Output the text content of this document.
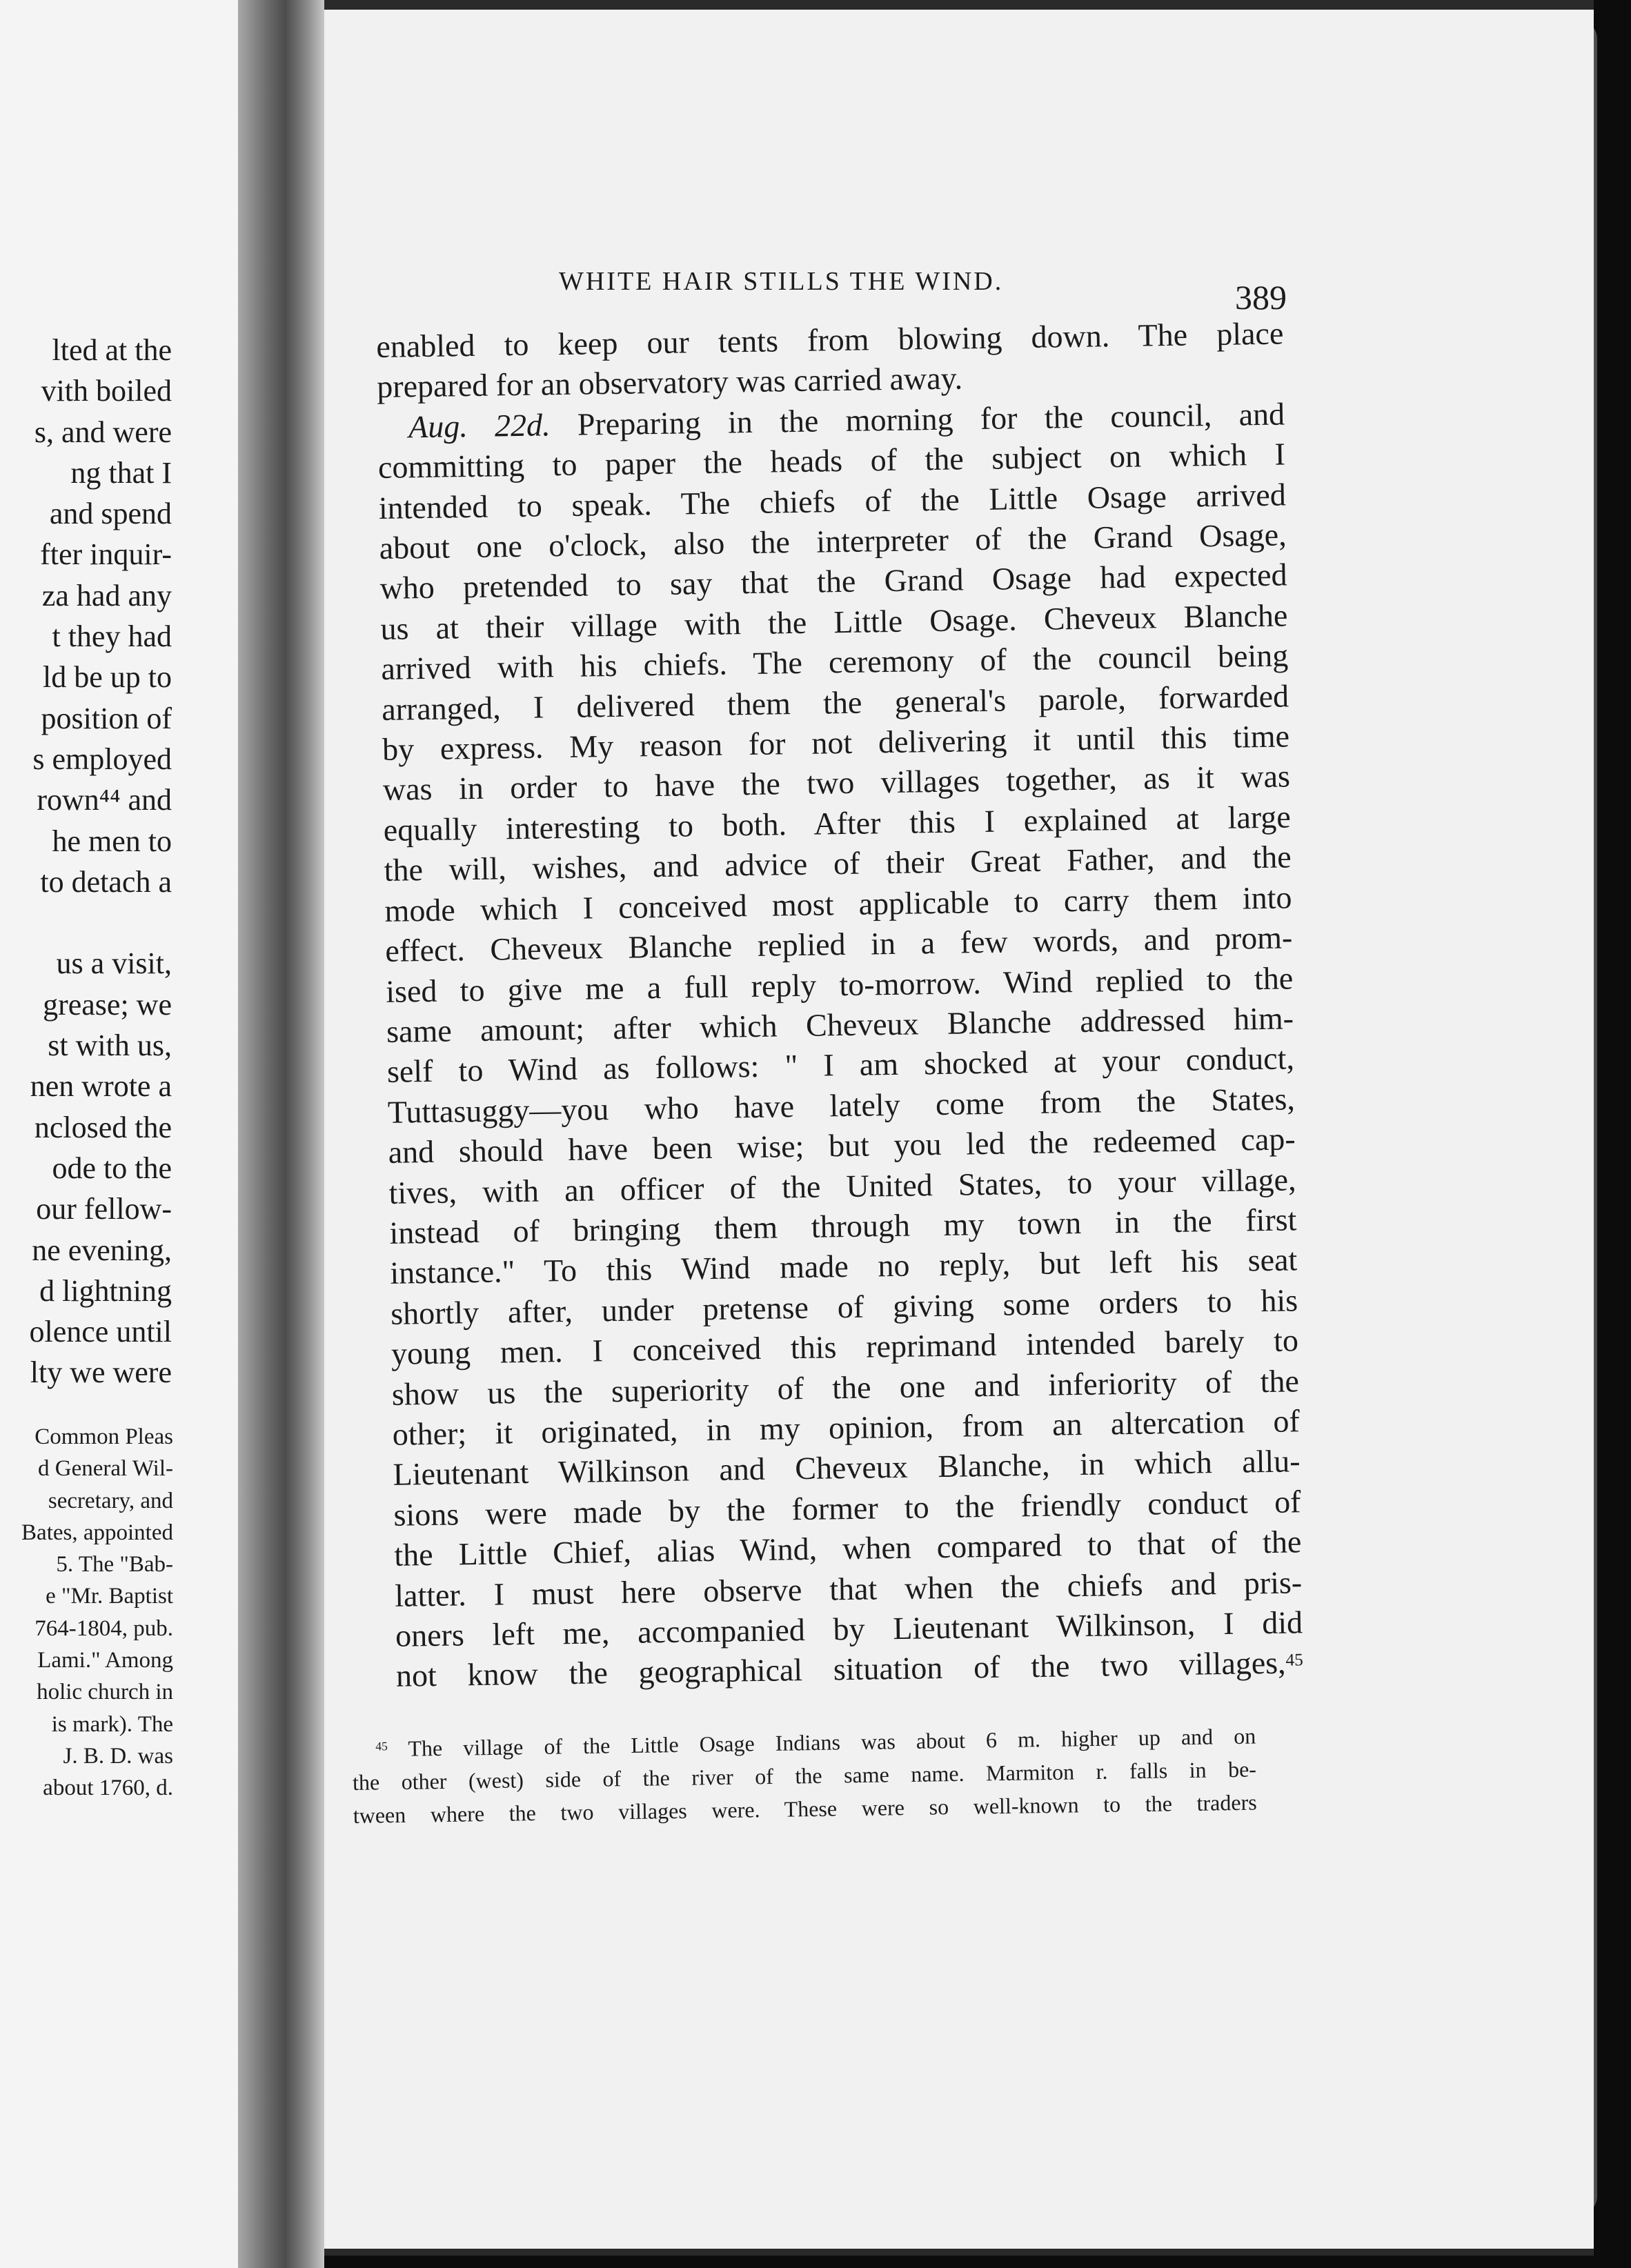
lted at the
vith boiled
s, and were
ng that I
and spend
fter inquir-
za had any
t they had
ld be up to
position of
s employed
rown⁴⁴ and
he men to
to detach a

us a visit,
grease; we
st with us,
nen wrote a
nclosed the
ode to the
our fellow-
ne evening,
d lightning
olence until
lty we were
Common Pleas
d General Wil-
secretary, and
Bates, appointed
5. The "Bab-
e "Mr. Baptist
764-1804, pub.
Lami." Among
holic church in
is mark). The
J. B. D. was
about 1760, d.
WHITE HAIR STILLS THE WIND.	389
enabled to keep our tents from blowing down. The place
prepared for an observatory was carried away.
Aug. 22d. Preparing in the morning for the council, and
committing to paper the heads of the subject on which I
intended to speak. The chiefs of the Little Osage arrived
about one o'clock, also the interpreter of the Grand Osage,
who pretended to say that the Grand Osage had expected
us at their village with the Little Osage. Cheveux Blanche
arrived with his chiefs. The ceremony of the council being
arranged, I delivered them the general's parole, forwarded
by express. My reason for not delivering it until this time
was in order to have the two villages together, as it was
equally interesting to both. After this I explained at large
the will, wishes, and advice of their Great Father, and the
mode which I conceived most applicable to carry them into
effect. Cheveux Blanche replied in a few words, and prom-
ised to give me a full reply to-morrow. Wind replied to the
same amount; after which Cheveux Blanche addressed him-
self to Wind as follows: " I am shocked at your conduct,
Tuttasuggy—you who have lately come from the States,
and should have been wise; but you led the redeemed cap-
tives, with an officer of the United States, to your village,
instead of bringing them through my town in the first
instance." To this Wind made no reply, but left his seat
shortly after, under pretense of giving some orders to his
young men. I conceived this reprimand intended barely to
show us the superiority of the one and inferiority of the
other; it originated, in my opinion, from an altercation of
Lieutenant Wilkinson and Cheveux Blanche, in which allu-
sions were made by the former to the friendly conduct of
the Little Chief, alias Wind, when compared to that of the
latter. I must here observe that when the chiefs and pris-
oners left me, accompanied by Lieutenant Wilkinson, I did
not know the geographical situation of the two villages,$^{45}$
$^{45}$ The village of the Little Osage Indians was about 6 m. higher up and on
the other (west) side of the river of the same name. Marmiton r. falls in be-
tween where the two villages were. These were so well-known to the traders
